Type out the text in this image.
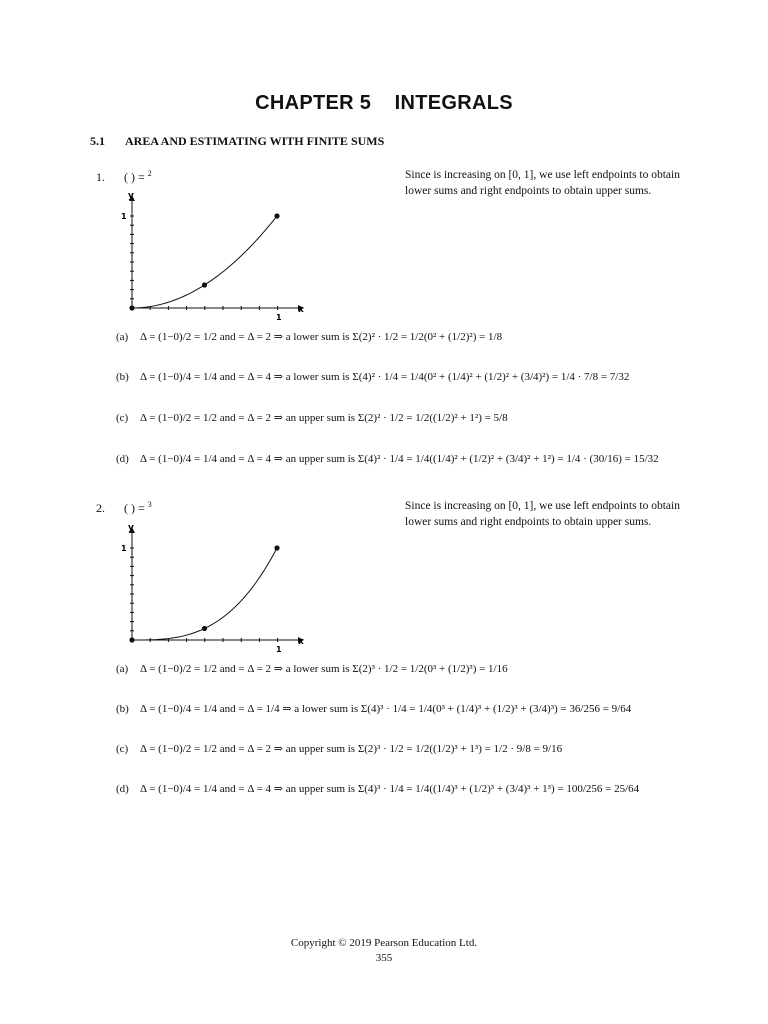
CHAPTER 5    INTEGRALS
5.1 AREA AND ESTIMATING WITH FINITE SUMS
1. ( ) = $^2$	Since is increasing on [0, 1], we use left endpoints to obtain lower sums and right endpoints to obtain upper sums.
1
1
x
y
(a) Δ = (1−0)/2 = 1/2 and = Δ = 2 ⇒ a lower sum is Σ(2)² · 1/2 = 1/2(0² + (1/2)²) = 1/8
(b) Δ = (1−0)/4 = 1/4 and = Δ = 4 ⇒ a lower sum is Σ(4)² · 1/4 = 1/4(0² + (1/4)² + (1/2)² + (3/4)²) = 1/4 · 7/8 = 7/32
(c) Δ = (1−0)/2 = 1/2 and = Δ = 2 ⇒ an upper sum is Σ(2)² · 1/2 = 1/2((1/2)² + 1²) = 5/8
(d) Δ = (1−0)/4 = 1/4 and = Δ = 4 ⇒ an upper sum is Σ(4)² · 1/4 = 1/4((1/4)² + (1/2)² + (3/4)² + 1²) = 1/4 · (30/16) = 15/32
2. ( ) = $^3$	Since is increasing on [0, 1], we use left endpoints to obtain lower sums and right endpoints to obtain upper sums.
1
1
x
y
(a) Δ = (1−0)/2 = 1/2 and = Δ = 2 ⇒ a lower sum is Σ(2)³ · 1/2 = 1/2(0³ + (1/2)³) = 1/16
(b) Δ = (1−0)/4 = 1/4 and = Δ = 1/4 ⇒ a lower sum is Σ(4)³ · 1/4 = 1/4(0³ + (1/4)³ + (1/2)³ + (3/4)³) = 36/256 = 9/64
(c) Δ = (1−0)/2 = 1/2 and = Δ = 2 ⇒ an upper sum is Σ(2)³ · 1/2 = 1/2((1/2)³ + 1³) = 1/2 · 9/8 = 9/16
(d) Δ = (1−0)/4 = 1/4 and = Δ = 4 ⇒ an upper sum is Σ(4)³ · 1/4 = 1/4((1/4)³ + (1/2)³ + (3/4)³ + 1³) = 100/256 = 25/64
Copyright © 2019 Pearson Education Ltd.
355
